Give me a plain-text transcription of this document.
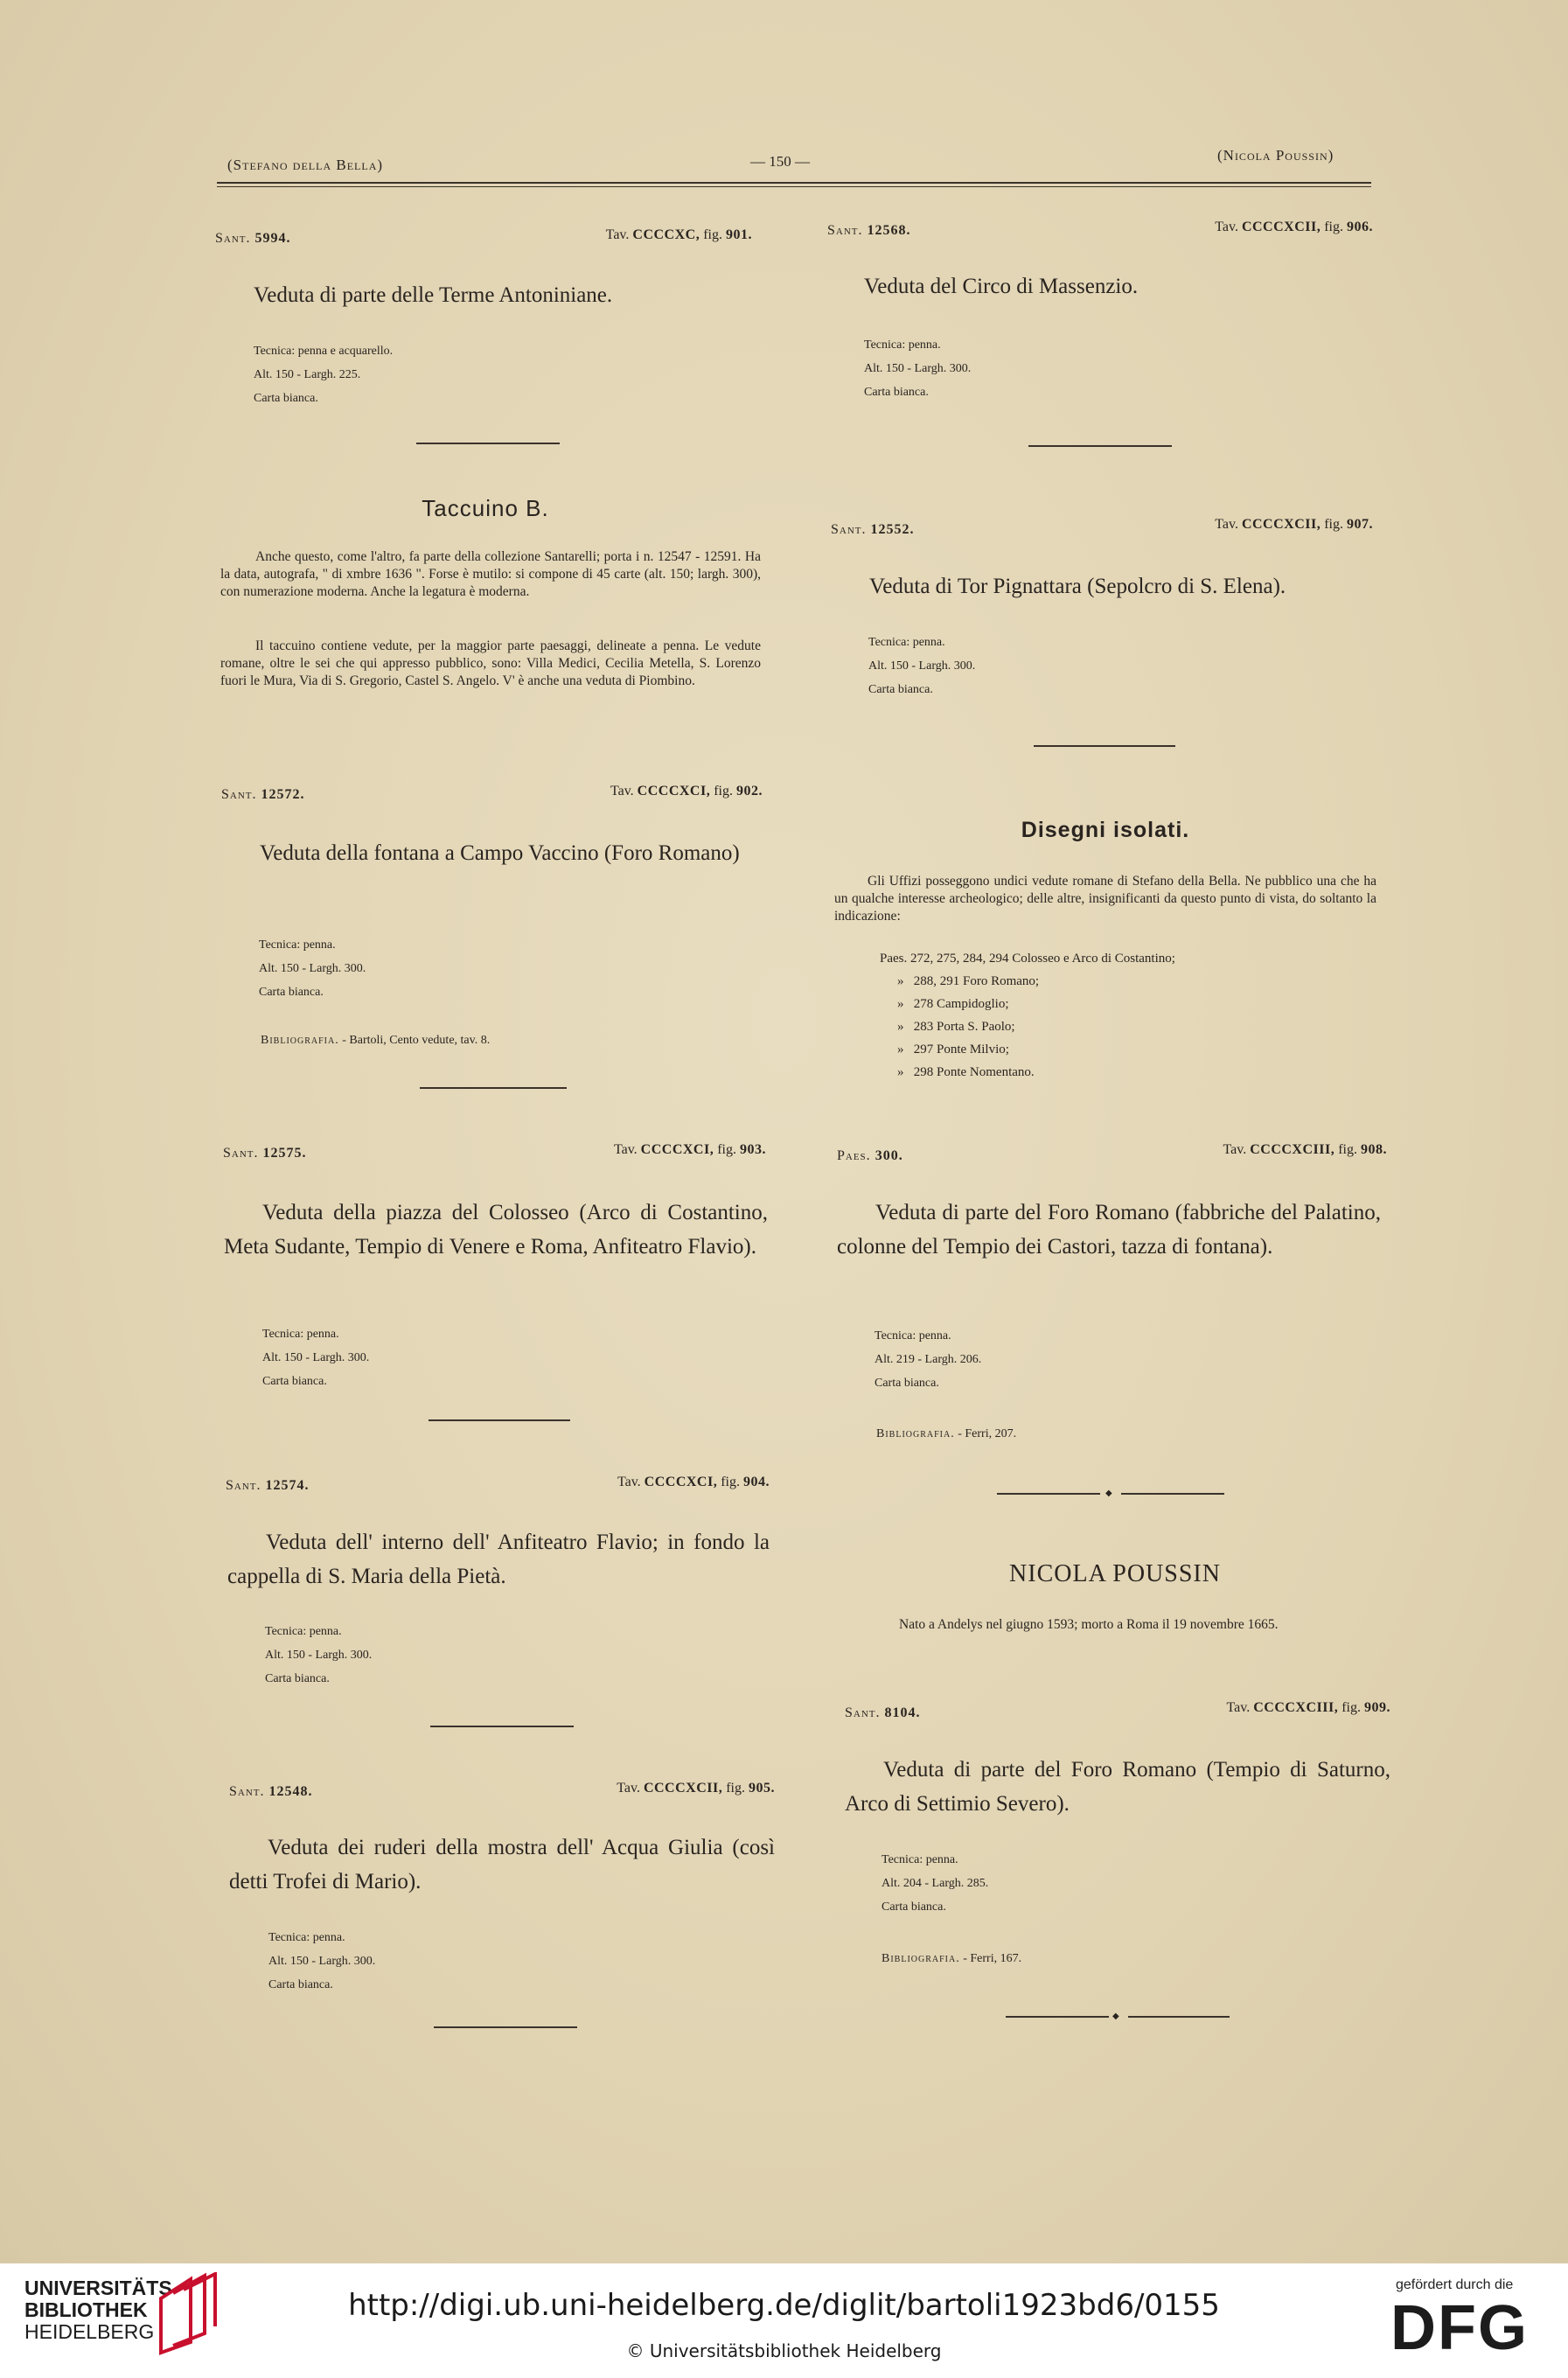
(Stefano della Bella)	— 150 —	(Nicola Poussin)
Sant. 5994.	Tav. CCCCXC, fig. 901.
Veduta di parte delle Terme Antoniniane.
Tecnica: penna e acquarello.
Alt. 150 - Largh. 225.
Carta bianca.
Taccuino B.
Anche questo, come l'altro, fa parte della collezione Santarelli; porta i n. 12547 - 12591. Ha la data, autografa, " di xmbre 1636 ". Forse è mutilo: si compone di 45 carte (alt. 150; largh. 300), con numerazione moderna. Anche la legatura è moderna.
Il taccuino contiene vedute, per la maggior parte paesaggi, delineate a penna. Le vedute romane, oltre le sei che qui appresso pubblico, sono: Villa Medici, Cecilia Metella, S. Lorenzo fuori le Mura, Via di S. Gregorio, Castel S. Angelo. V' è anche una veduta di Piombino.
Sant. 12572.	Tav. CCCCXCI, fig. 902.
Veduta della fontana a Campo Vaccino (Foro Romano)
Tecnica: penna.
Alt. 150 - Largh. 300.
Carta bianca.
Bibliografia. - Bartoli, Cento vedute, tav. 8.
Sant. 12575.	Tav. CCCCXCI, fig. 903.
Veduta della piazza del Colosseo (Arco di Costantino, Meta Sudante, Tempio di Venere e Roma, Anfiteatro Flavio).
Tecnica: penna.
Alt. 150 - Largh. 300.
Carta bianca.
Sant. 12574.	Tav. CCCCXCI, fig. 904.
Veduta dell' interno dell' Anfiteatro Flavio; in fondo la cappella di S. Maria della Pietà.
Tecnica: penna.
Alt. 150 - Largh. 300.
Carta bianca.
Sant. 12548.	Tav. CCCCXCII, fig. 905.
Veduta dei ruderi della mostra dell' Acqua Giulia (così detti Trofei di Mario).
Tecnica: penna.
Alt. 150 - Largh. 300.
Carta bianca.
Sant. 12568.	Tav. CCCCXCII, fig. 906.
Veduta del Circo di Massenzio.
Tecnica: penna.
Alt. 150 - Largh. 300.
Carta bianca.
Sant. 12552.	Tav. CCCCXCII, fig. 907.
Veduta di Tor Pignattara (Sepolcro di S. Elena).
Tecnica: penna.
Alt. 150 - Largh. 300.
Carta bianca.
Disegni isolati.
Gli Uffizi posseggono undici vedute romane di Stefano della Bella. Ne pubblico una che ha un qualche interesse archeologico; delle altre, insignificanti da questo punto di vista, do soltanto la indicazione:
Paes. 272, 275, 284, 294 Colosseo e Arco di Costantino;
»   288, 291 Foro Romano;
»   278 Campidoglio;
»   283 Porta S. Paolo;
»   297 Ponte Milvio;
»   298 Ponte Nomentano.
Paes. 300.	Tav. CCCCXCIII, fig. 908.
Veduta di parte del Foro Romano (fabbriche del Palatino, colonne del Tempio dei Castori, tazza di fontana).
Tecnica: penna.
Alt. 219 - Largh. 206.
Carta bianca.
Bibliografia. - Ferri, 207.
◆
NICOLA POUSSIN
Nato a Andelys nel giugno 1593; morto a Roma il 19 novembre 1665.
Sant. 8104.	Tav. CCCCXCIII, fig. 909.
Veduta di parte del Foro Romano (Tempio di Saturno, Arco di Settimio Severo).
Tecnica: penna.
Alt. 204 - Largh. 285.
Carta bianca.
Bibliografia. - Ferri, 167.
◆
UNIVERSITÄTS-
BIBLIOTHEK
HEIDELBERG
http://digi.ub.uni-heidelberg.de/diglit/bartoli1923bd6/0155
© Universitätsbibliothek Heidelberg
gefördert durch die
DFG
